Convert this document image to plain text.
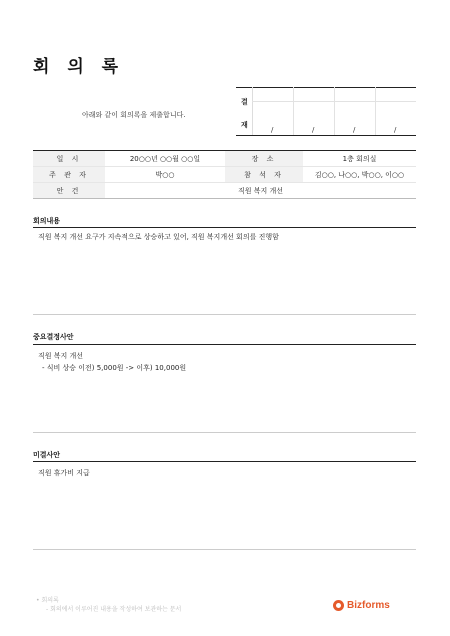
회 의 록
아래와 같이 회의록을 제출합니다.
결
재
/	/	/	/
일 시	20○○년 ○○월 ○○일	장 소	1층 회의실
주 관 자	박○○	참 석 자	김○○, 나○○, 박○○, 이○○
안 건	직원 복지 개선		
회의내용
직원 복지 개선 요구가 지속적으로 상승하고 있어, 직원 복지개선 회의를 진행함
중요결정사안
직원 복지 개선
- 식비 상승 이전) 5,000원 -> 이후) 10,000원
미결사안
직원 휴가비 지급
• 회의록
- 회의에서 이루어진 내용을 작성하여 보관하는 문서	Bizforms
